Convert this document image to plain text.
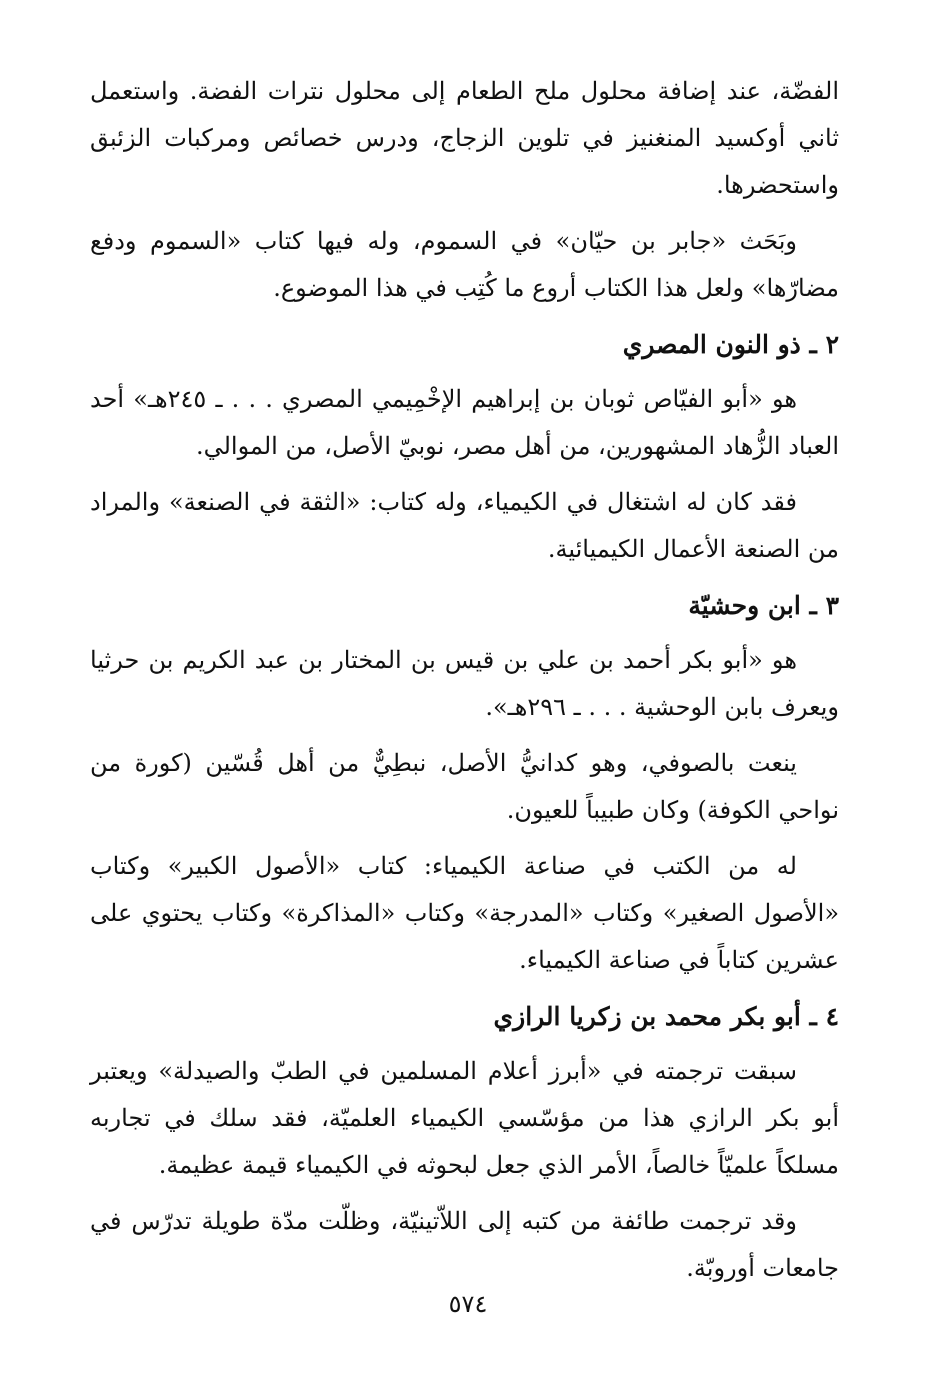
الفضّة، عند إضافة محلول ملح الطعام إلى محلول نترات الفضة. واستعمل ثاني أوكسيد المنغنيز في تلوين الزجاج، ودرس خصائص ومركبات الزئبق واستحضرها.

وبَحَث «جابر بن حيّان» في السموم، وله فيها كتاب «السموم ودفع مضارّها» ولعل هذا الكتاب أروع ما كُتِب في هذا الموضوع.

٢ ـ ذو النون المصري

هو «أبو الفيّاص ثوبان بن إبراهيم الإخْمِيمي المصري . . . ـ ٢٤٥هـ» أحد العباد الزُّهاد المشهورين، من أهل مصر، نوبيّ الأصل، من الموالي.

فقد كان له اشتغال في الكيمياء، وله كتاب: «الثقة في الصنعة» والمراد من الصنعة الأعمال الكيميائية.

٣ ـ ابن وحشيّة

هو «أبو بكر أحمد بن علي بن قيس بن المختار بن عبد الكريم بن حرثيا ويعرف بابن الوحشية . . . ـ ٢٩٦هـ».

ينعت بالصوفي، وهو كدانيُّ الأصل، نبطِيٌّ من أهل قُسّين (كورة من نواحي الكوفة) وكان طبيباً للعيون.

له من الكتب في صناعة الكيمياء: كتاب «الأصول الكبير» وكتاب «الأصول الصغير» وكتاب «المدرجة» وكتاب «المذاكرة» وكتاب يحتوي على عشرين كتاباً في صناعة الكيمياء.

٤ ـ أبو بكر محمد بن زكريا الرازي

سبقت ترجمته في «أبرز أعلام المسلمين في الطبّ والصيدلة» ويعتبر أبو بكر الرازي هذا من مؤسّسي الكيمياء العلميّة، فقد سلك في تجاربه مسلكاً علميّاً خالصاً، الأمر الذي جعل لبحوثه في الكيمياء قيمة عظيمة.

وقد ترجمت طائفة من كتبه إلى اللاّتينيّة، وظلّت مدّة طويلة تدرّس في جامعات أوروبّة.

٥٧٤
